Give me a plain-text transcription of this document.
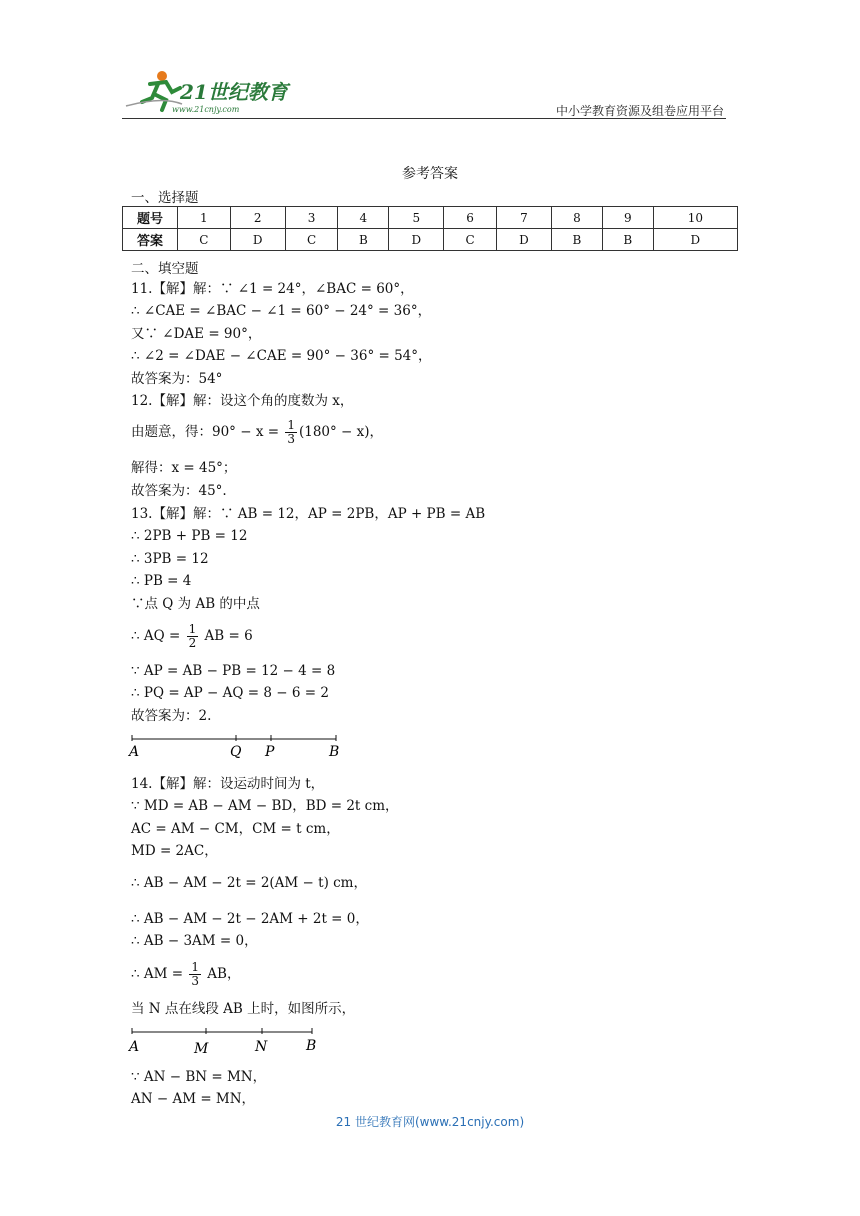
21世纪教育
www.21cnjy.com	中小学教育资源及组卷应用平台
参考答案
一、选择题
题号	1	2	3	4	5	6	7	8	9	10
答案	C	D	C	B	D	C	D	B	B	D
二、填空题
11.【解】解：∵ ∠1 = 24°，∠BAC = 60°，
∴ ∠CAE = ∠BAC − ∠1 = 60° − 24° = 36°，
又∵ ∠DAE = 90°，
∴ ∠2 = ∠DAE − ∠CAE = 90° − 36° = 54°，
故答案为：54°
12.【解】解：设这个角的度数为 x，
由题意，得：$90^\circ - x = \frac{1}{3} (180^\circ - x)$，
解得：x = 45°；
故答案为：45°.
13.【解】解：∵ AB = 12，AP = 2PB，AP + PB = AB
∴ 2PB + PB = 12
∴ 3PB = 12
∴ PB = 4
∵点 Q 为 AB 的中点
∴ AQ = $\frac{1}{2}$ AB = 6
∵ AP = AB − PB = 12 − 4 = 8
∴ PQ = AP − AQ = 8 − 6 = 2
故答案为：2.
A	Q P	B
14.【解】解：设运动时间为 t，
∵ MD = AB − AM − BD，BD = 2t cm，
AC = AM − CM，CM = t cm，
MD = 2AC，
∴ AB − AM − 2t = 2(AM − t) cm，
∴ AB − AM − 2t − 2AM + 2t = 0，
∴ AB − 3AM = 0，
∴ AM = $\frac{1}{3}$ AB，
当 N 点在线段 AB 上时，如图所示，
A	M	N	B
∵ AN − BN = MN，
AN − AM = MN，
21 世纪教育网(www.21cnjy.com)
